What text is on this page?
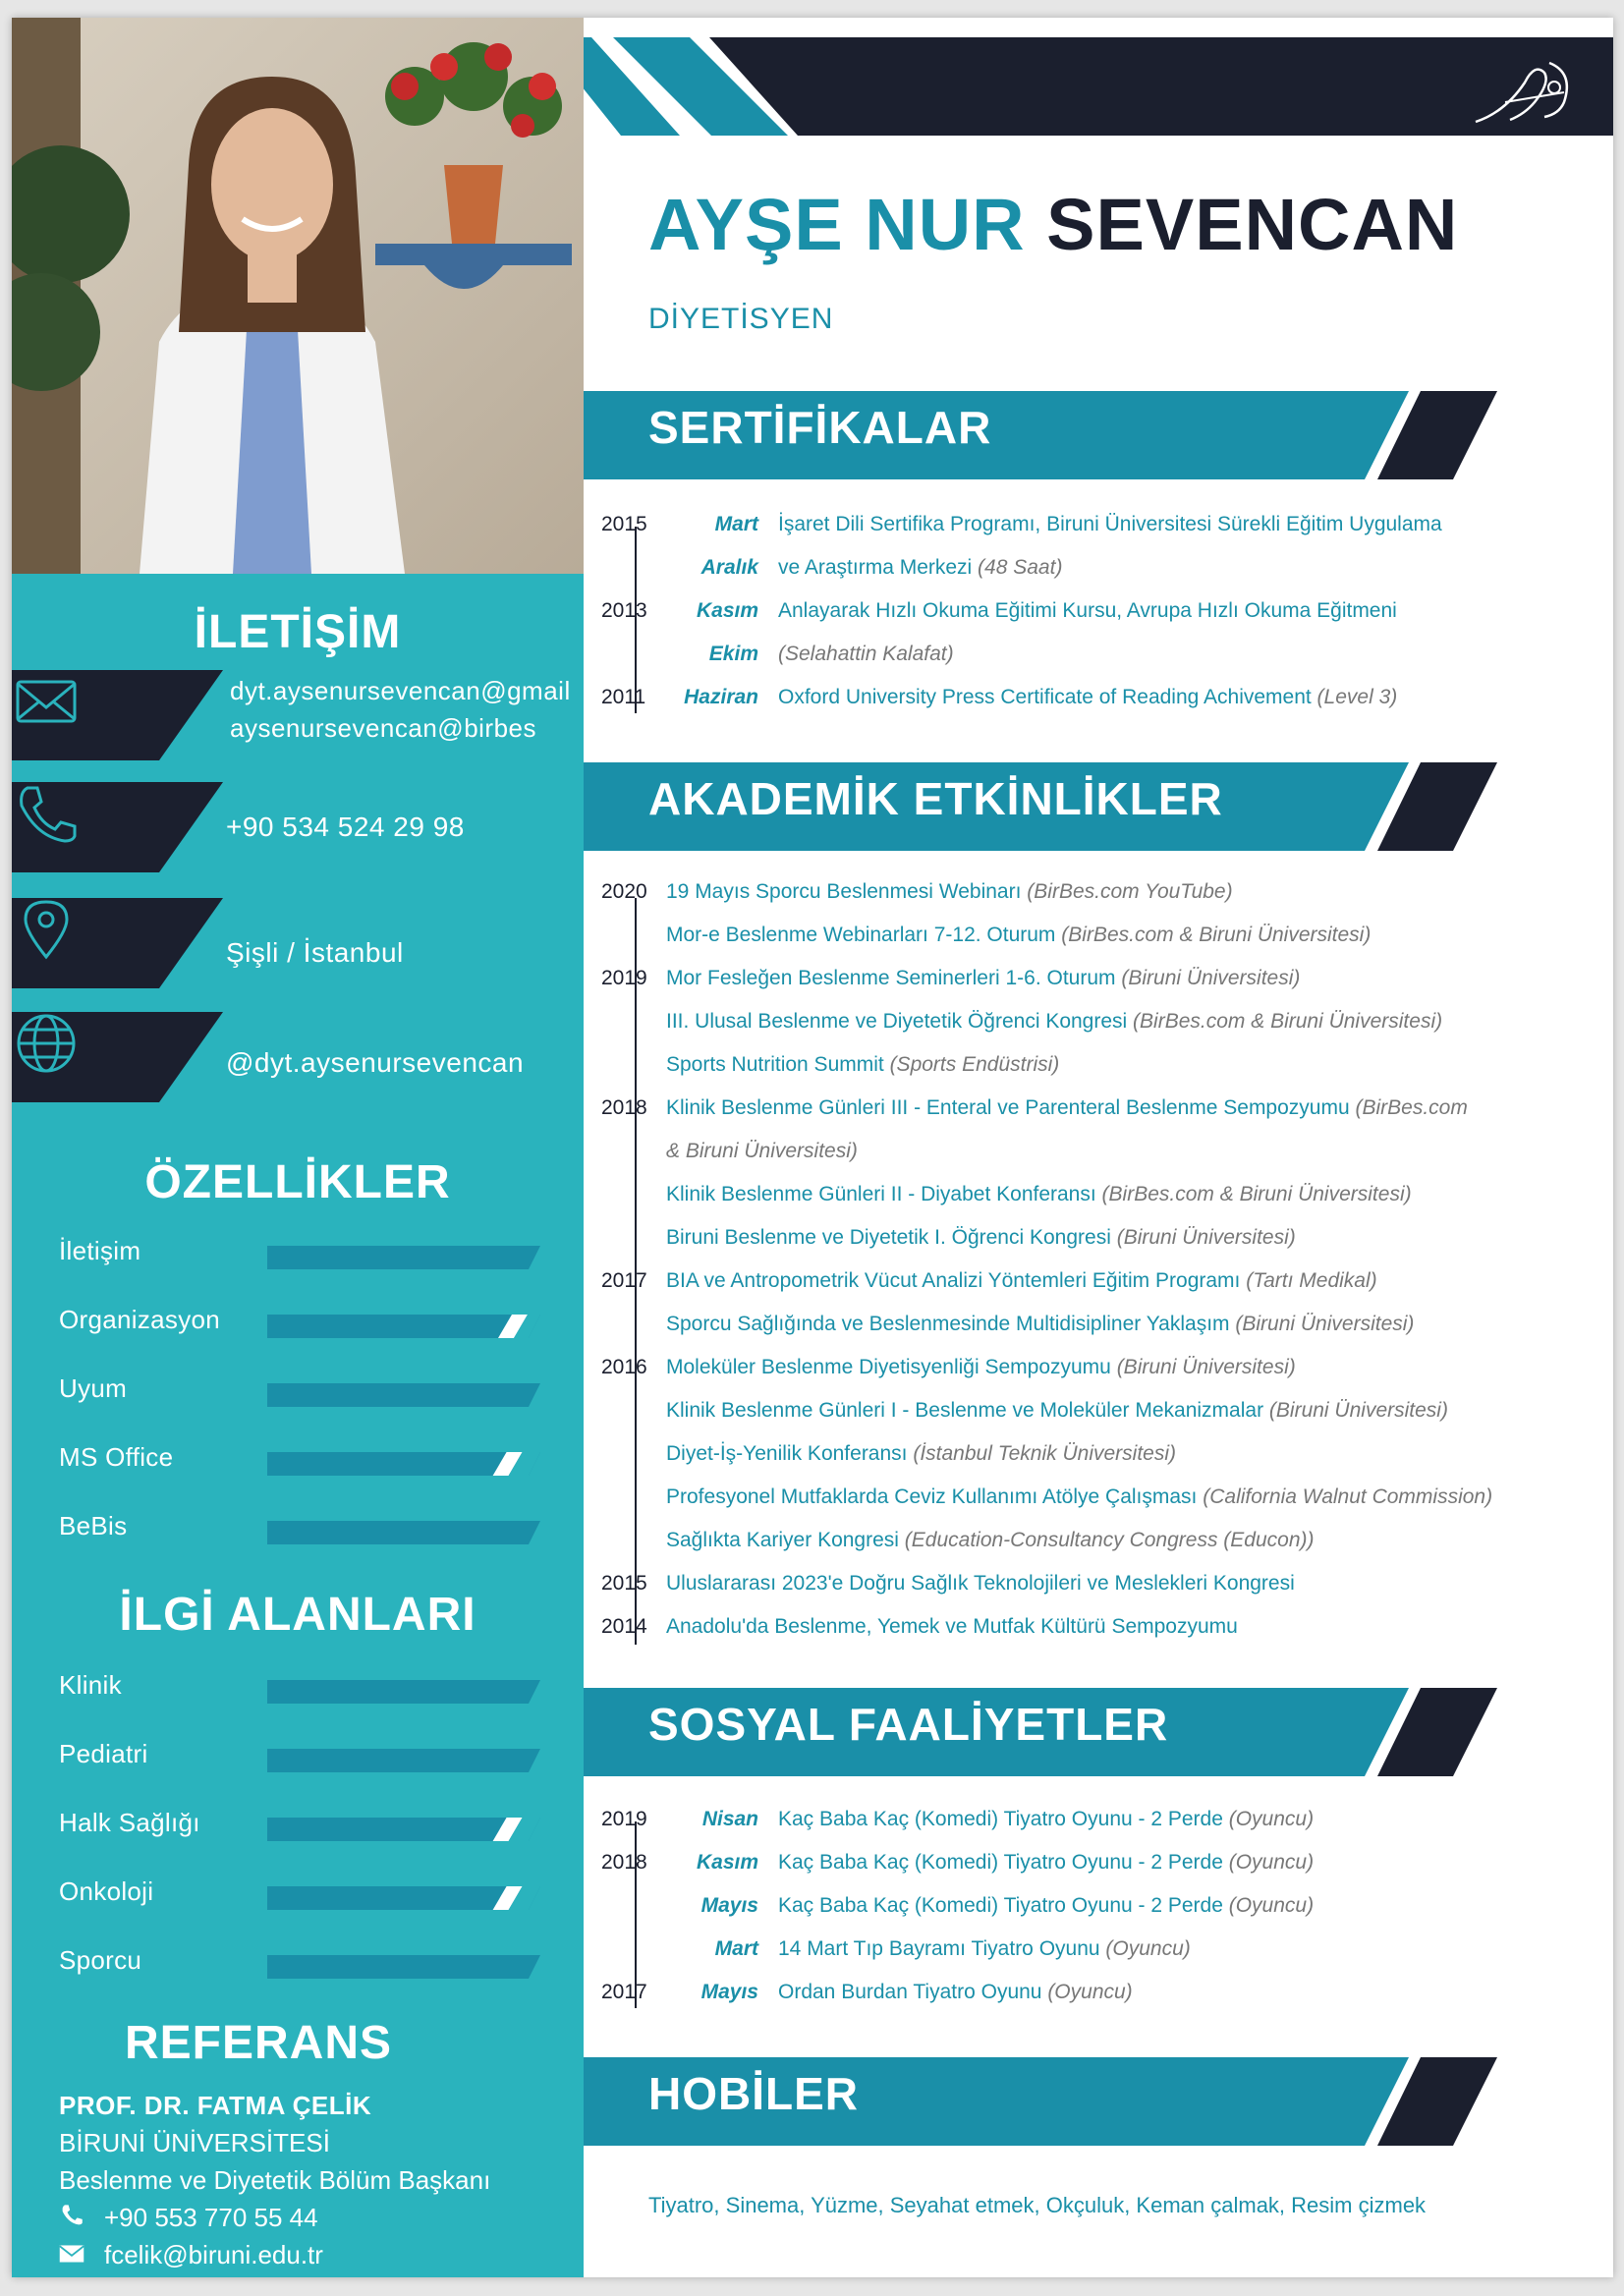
AYŞE NUR SEVENCAN
DİYETİSYEN
İLETİŞİM
dyt.aysenursevencan@gmail
aysenursevencan@birbes
+90 534 524 29 98
Şişli / İstanbul
@dyt.aysenursevencan
ÖZELLİKLER
İletişim
Organizasyon
Uyum
MS Office
BeBis
İLGİ ALANLARI
Klinik
Pediatri
Halk Sağlığı
Onkoloji
Sporcu
REFERANS
PROF. DR. FATMA ÇELİK
BİRUNİ ÜNİVERSİTESİ
Beslenme ve Diyetetik Bölüm Başkanı
+90 553 770 55 44
fcelik@biruni.edu.tr
SERTİFİKALAR
2015	Mart İşaret Dili Sertifika Programı, Biruni Üniversitesi Sürekli Eğitim Uygulama
Aralık ve Araştırma Merkezi (48 Saat)
2013 Kasım Anlayarak Hızlı Okuma Eğitimi Kursu, Avrupa Hızlı Okuma Eğitmeni
Ekim (Selahattin Kalafat)
2011 Haziran Oxford University Press Certificate of Reading Achivement (Level 3)
AKADEMİK ETKİNLİKLER
2020 19 Mayıs Sporcu Beslenmesi Webinarı (BirBes.com YouTube)
Mor-e Beslenme Webinarları 7-12. Oturum (BirBes.com & Biruni Üniversitesi)
2019 Mor Fesleğen Beslenme Seminerleri 1-6. Oturum (Biruni Üniversitesi)
III. Ulusal Beslenme ve Diyetetik Öğrenci Kongresi (BirBes.com & Biruni Üniversitesi)
Sports Nutrition Summit (Sports Endüstrisi)
2018 Klinik Beslenme Günleri III - Enteral ve Parenteral Beslenme Sempozyumu (BirBes.com
& Biruni Üniversitesi)
Klinik Beslenme Günleri II - Diyabet Konferansı (BirBes.com & Biruni Üniversitesi)
Biruni Beslenme ve Diyetetik I. Öğrenci Kongresi (Biruni Üniversitesi)
2017 BIA ve Antropometrik Vücut Analizi Yöntemleri Eğitim Programı (Tartı Medikal)
Sporcu Sağlığında ve Beslenmesinde Multidisipliner Yaklaşım (Biruni Üniversitesi)
2016 Moleküler Beslenme Diyetisyenliği Sempozyumu (Biruni Üniversitesi)
Klinik Beslenme Günleri I - Beslenme ve Moleküler Mekanizmalar (Biruni Üniversitesi)
Diyet-İş-Yenilik Konferansı (İstanbul Teknik Üniversitesi)
Profesyonel Mutfaklarda Ceviz Kullanımı Atölye Çalışması (California Walnut Commission)
Sağlıkta Kariyer Kongresi (Education-Consultancy Congress (Educon))
2015 Uluslararası 2023'e Doğru Sağlık Teknolojileri ve Meslekleri Kongresi
2014 Anadolu'da Beslenme, Yemek ve Mutfak Kültürü Sempozyumu
SOSYAL FAALİYETLER
2019	Nisan Kaç Baba Kaç (Komedi) Tiyatro Oyunu - 2 Perde (Oyuncu)
2018 Kasım Kaç Baba Kaç (Komedi) Tiyatro Oyunu - 2 Perde (Oyuncu)
Mayıs Kaç Baba Kaç (Komedi) Tiyatro Oyunu - 2 Perde (Oyuncu)
Mart 14 Mart Tıp Bayramı Tiyatro Oyunu (Oyuncu)
2017	Mayıs Ordan Burdan Tiyatro Oyunu (Oyuncu)
HOBİLER
Tiyatro, Sinema, Yüzme, Seyahat etmek, Okçuluk, Keman çalmak, Resim çizmek
